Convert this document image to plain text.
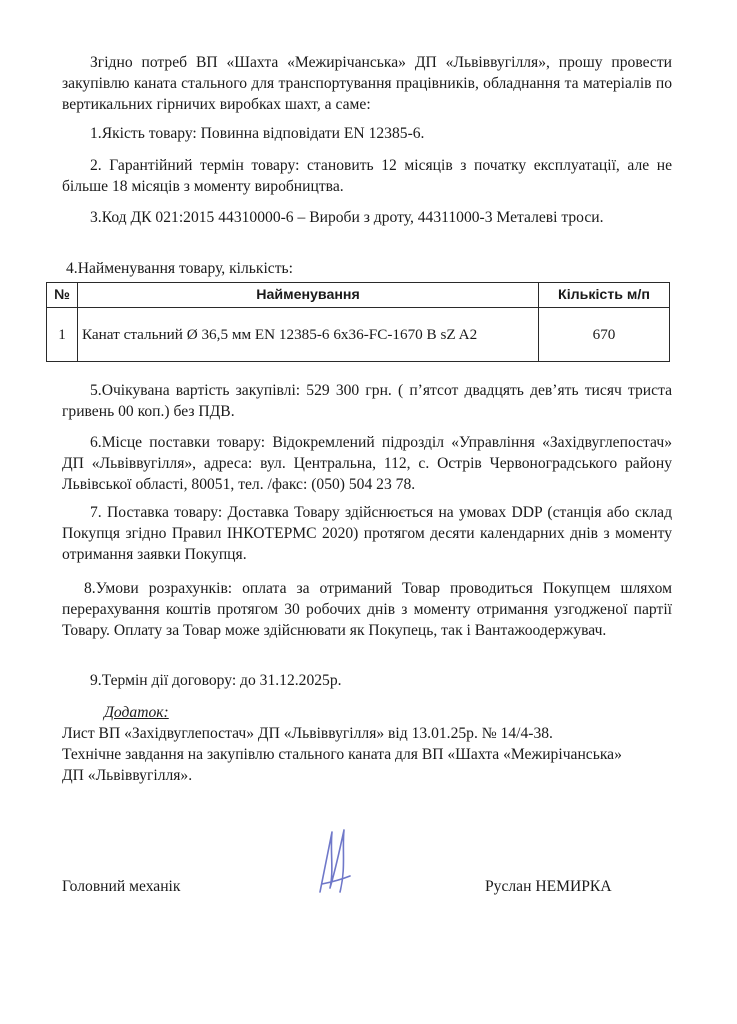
Згідно потреб ВП «Шахта «Межирічанська» ДП «Львіввугілля», прошу провести закупівлю каната стального для транспортування працівників, обладнання та матеріалів по вертикальних гірничих виробках шахт, а саме:

1.Якість товару: Повинна відповідати EN 12385-6.

2. Гарантійний термін товару: становить 12 місяців з початку експлуатації, але не більше 18 місяців з моменту виробництва.

3.Код ДК 021:2015 44310000-6 – Вироби з дроту, 44311000-3 Металеві троси.

4.Найменування товару, кількість:

№	Найменування	Кількість м/п
1	Канат стальний Ø 36,5 мм EN 12385-6 6х36-FC-1670 B sZ A2	670

5.Очікувана вартість закупівлі: 529 300 грн. ( п’ятсот двадцять дев’ять тисяч триста гривень 00 коп.) без ПДВ.

6.Місце поставки товару: Відокремлений підрозділ «Управління «Західвуглепостач» ДП «Львіввугілля», адреса: вул. Центральна, 112, с. Острів Червоноградського району Львівської області, 80051, тел. /факс: (050) 504 23 78.

7. Поставка товару: Доставка Товару здійснюється на умовах DDP (станція або склад Покупця згідно Правил ІНКОТЕРМС 2020) протягом десяти календарних днів з моменту отримання заявки Покупця.

8.Умови розрахунків: оплата за отриманий Товар проводиться Покупцем шляхом перерахування коштів протягом 30 робочих днів з моменту отримання узгодженої партії Товару. Оплату за Товар може здійснювати як Покупець, так і Вантажоодержувач.

9.Термін дії договору: до 31.12.2025р.

Додаток:
Лист ВП «Західвуглепостач» ДП «Львіввугілля» від 13.01.25р. № 14/4-38.
Технічне завдання на закупівлю стального каната для ВП «Шахта «Межирічанська»
ДП «Львіввугілля».
Головний механік	Руслан НЕМИРКА
